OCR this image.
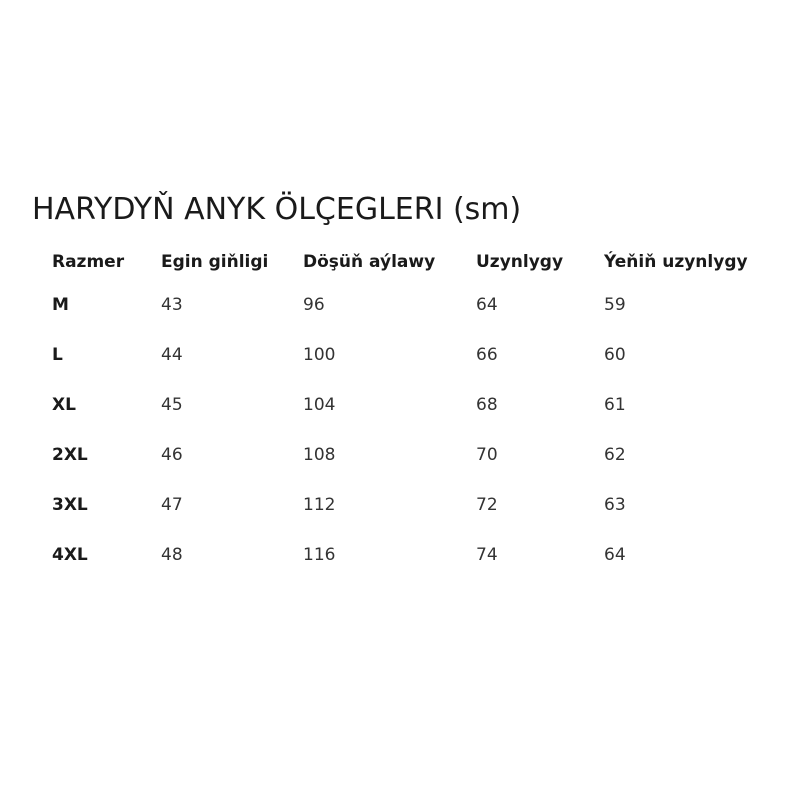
HARYDYŇ ANYK ÖLÇEGLERI (sm)
Razmer	Egin giňligi	Döşüň aýlawy	Uzynlygy	Ýeňiň uzynlygy
M	43	96	64	59
L	44	100	66	60
XL	45	104	68	61
2XL	46	108	70	62
3XL	47	112	72	63
4XL	48	116	74	64
